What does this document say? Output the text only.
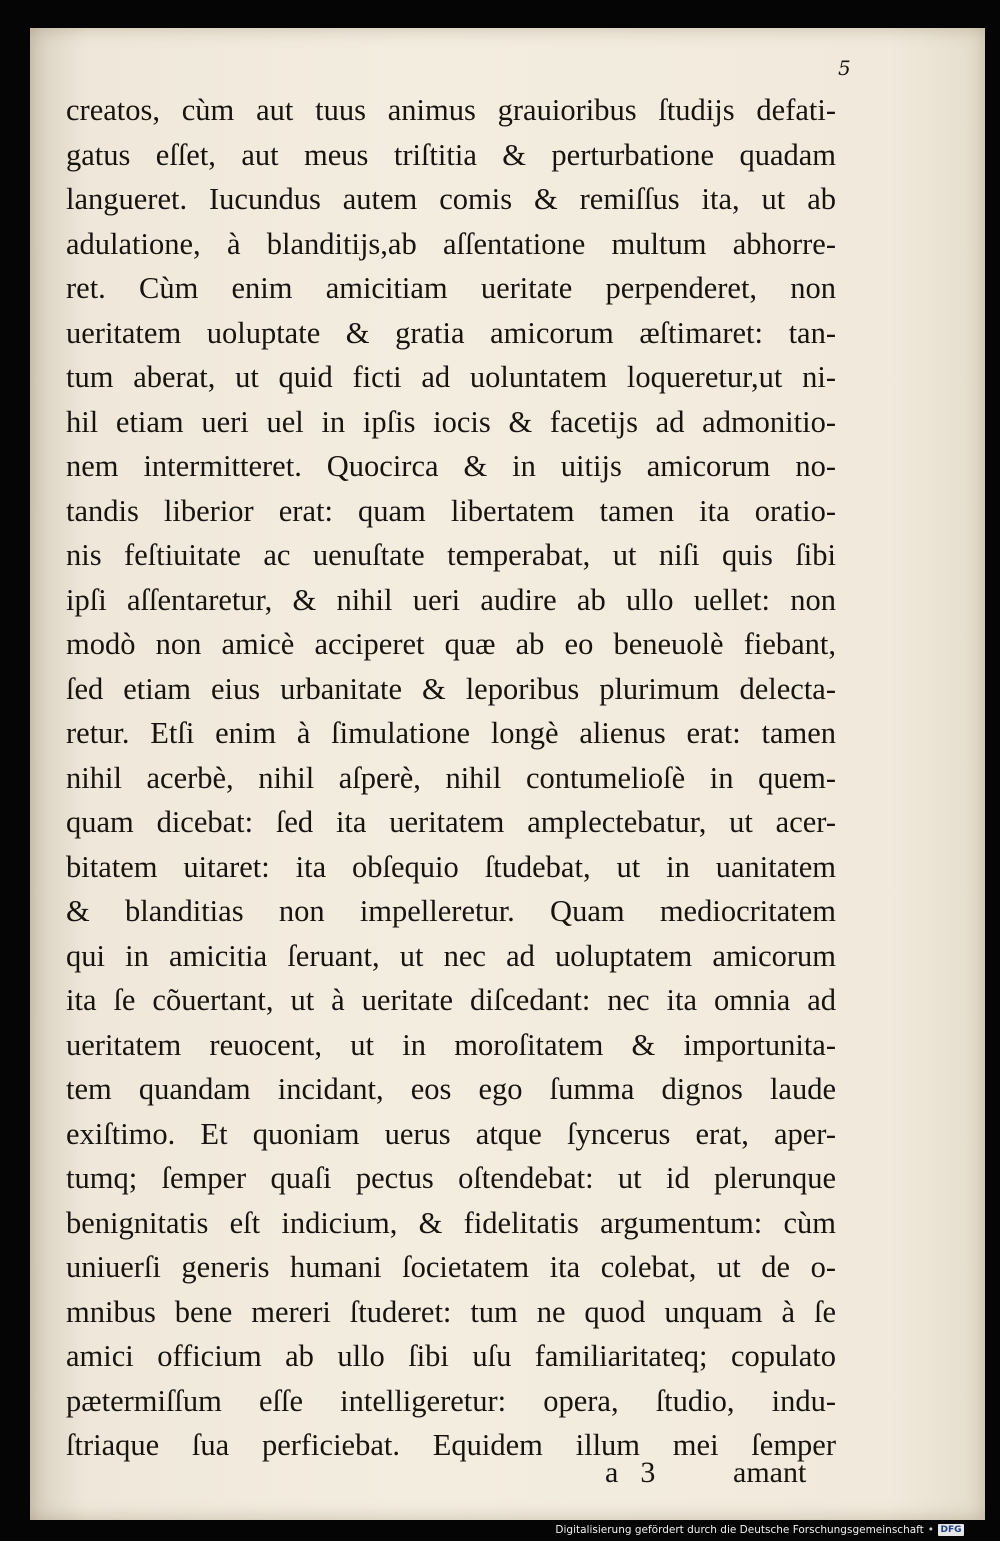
5
creatos, cùm aut tuus animus grauioribus ſtudijs defati-
gatus eſſet, aut meus triſtitia & perturbatione quadam
langueret. Iucundus autem comis & remiſſus ita, ut ab
adulatione, à blanditijs,ab aſſentatione multum abhorre-
ret. Cùm enim amicitiam ueritate perpenderet, non
ueritatem uoluptate & gratia amicorum æſtimaret: tan-
tum aberat, ut quid ficti ad uoluntatem loqueretur,ut ni-
hil etiam ueri uel in ipſis iocis & facetijs ad admonitio-
nem intermitteret. Quocirca & in uitijs amicorum no-
tandis liberior erat: quam libertatem tamen ita oratio-
nis feſtiuitate ac uenuſtate temperabat, ut niſi quis ſibi
ipſi aſſentaretur, & nihil ueri audire ab ullo uellet: non
modò non amicè acciperet quæ ab eo beneuolè fiebant,
ſed etiam eius urbanitate & leporibus plurimum delecta-
retur. Etſi enim à ſimulatione longè alienus erat: tamen
nihil acerbè, nihil aſperè, nihil contumelioſè in quem-
quam dicebat: ſed ita ueritatem amplectebatur, ut acer-
bitatem uitaret: ita obſequio ſtudebat, ut in uanitatem
& blanditias non impelleretur. Quam mediocritatem
qui in amicitia ſeruant, ut nec ad uoluptatem amicorum
ita ſe cõuertant, ut à ueritate diſcedant: nec ita omnia ad
ueritatem reuocent, ut in moroſitatem & importunita-
tem quandam incidant, eos ego ſumma dignos laude
exiſtimo. Et quoniam uerus atque ſyncerus erat, aper-
tumq; ſemper quaſi pectus oſtendebat: ut id plerunque
benignitatis eſt indicium, & fidelitatis argumentum: cùm
uniuerſi generis humani ſocietatem ita colebat, ut de o-
mnibus bene mereri ſtuderet: tum ne quod unquam à ſe
amici officium ab ullo ſibi uſu familiaritateq; copulato
pætermiſſum eſſe intelligeretur: opera, ſtudio, indu-
ſtriaque ſua perficiebat. Equidem illum mei ſemper
a 3	amant
Digitalisierung gefördert durch die Deutsche Forschungsgemeinschaft • DFG
